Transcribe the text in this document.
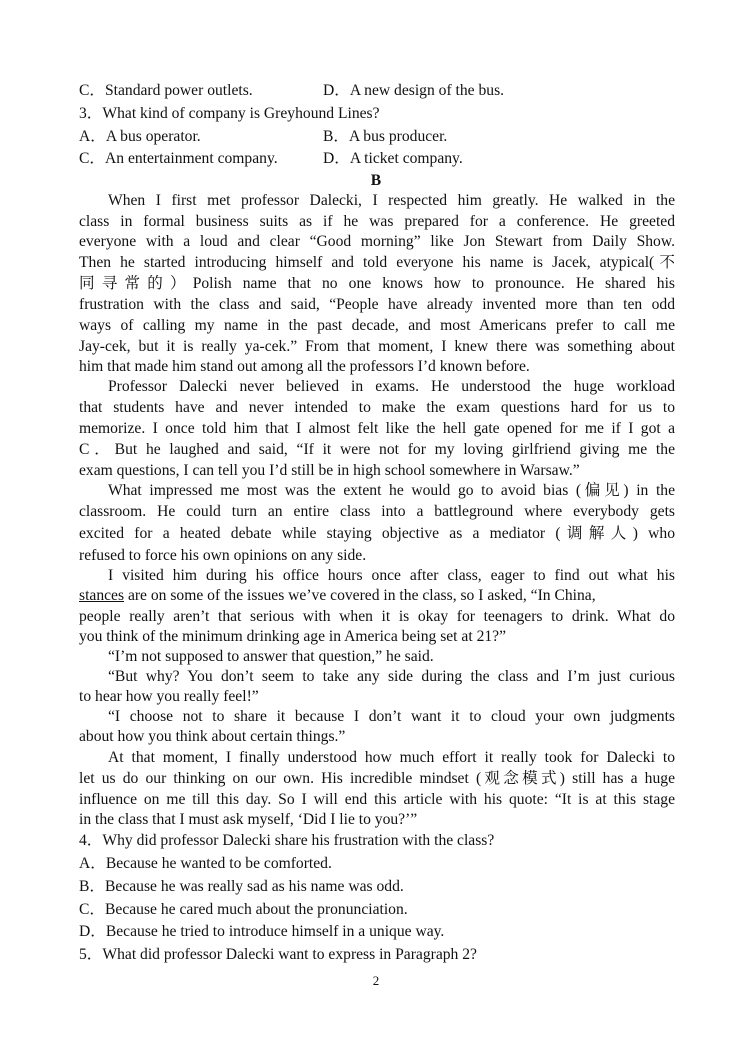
C．Standard power outlets.	D．A new design of the bus.
3．What kind of company is Greyhound Lines?
A．A bus operator.	B．A bus producer.
C．An entertainment company.	D．A ticket company.
B
When I first met professor Dalecki, I respected him greatly. He walked in the
class in formal business suits as if he was prepared for a conference. He greeted
everyone with a loud and clear “Good morning” like Jon Stewart from Daily Show.
Then he started introducing himself and told everyone his name is Jacek, atypical(不
同寻常的）Polish name that no one knows how to pronounce. He shared his
frustration with the class and said, “People have already invented more than ten odd
ways of calling my name in the past decade, and most Americans prefer to call me
Jay-cek, but it is really ya-cek.” From that moment, I knew there was something about
him that made him stand out among all the professors I’d known before.
Professor Dalecki never believed in exams. He understood the huge workload
that students have and never intended to make the exam questions hard for us to
memorize. I once told him that I almost felt like the hell gate opened for me if I got a
C．But he laughed and said, “If it were not for my loving girlfriend giving me the
exam questions, I can tell you I’d still be in high school somewhere in Warsaw.”
What impressed me most was the extent he would go to avoid bias (偏见) in the
classroom. He could turn an entire class into a battleground where everybody gets
excited for a heated debate while staying objective as a mediator (调解人) who
refused to force his own opinions on any side.
I visited him during his office hours once after class, eager to find out what his
stances are on some of the issues we’ve covered in the class, so I asked, “In China,
people really aren’t that serious with when it is okay for teenagers to drink. What do
you think of the minimum drinking age in America being set at 21?”
“I’m not supposed to answer that question,” he said.
“But why? You don’t seem to take any side during the class and I’m just curious
to hear how you really feel!”
“I choose not to share it because I don’t want it to cloud your own judgments
about how you think about certain things.”
At that moment, I finally understood how much effort it really took for Dalecki to
let us do our thinking on our own. His incredible mindset (观念模式) still has a huge
influence on me till this day. So I will end this article with his quote: “It is at this stage
in the class that I must ask myself, ‘Did I lie to you?’”
4．Why did professor Dalecki share his frustration with the class?
A．Because he wanted to be comforted.
B．Because he was really sad as his name was odd.
C．Because he cared much about the pronunciation.
D．Because he tried to introduce himself in a unique way.
5．What did professor Dalecki want to express in Paragraph 2?
2
